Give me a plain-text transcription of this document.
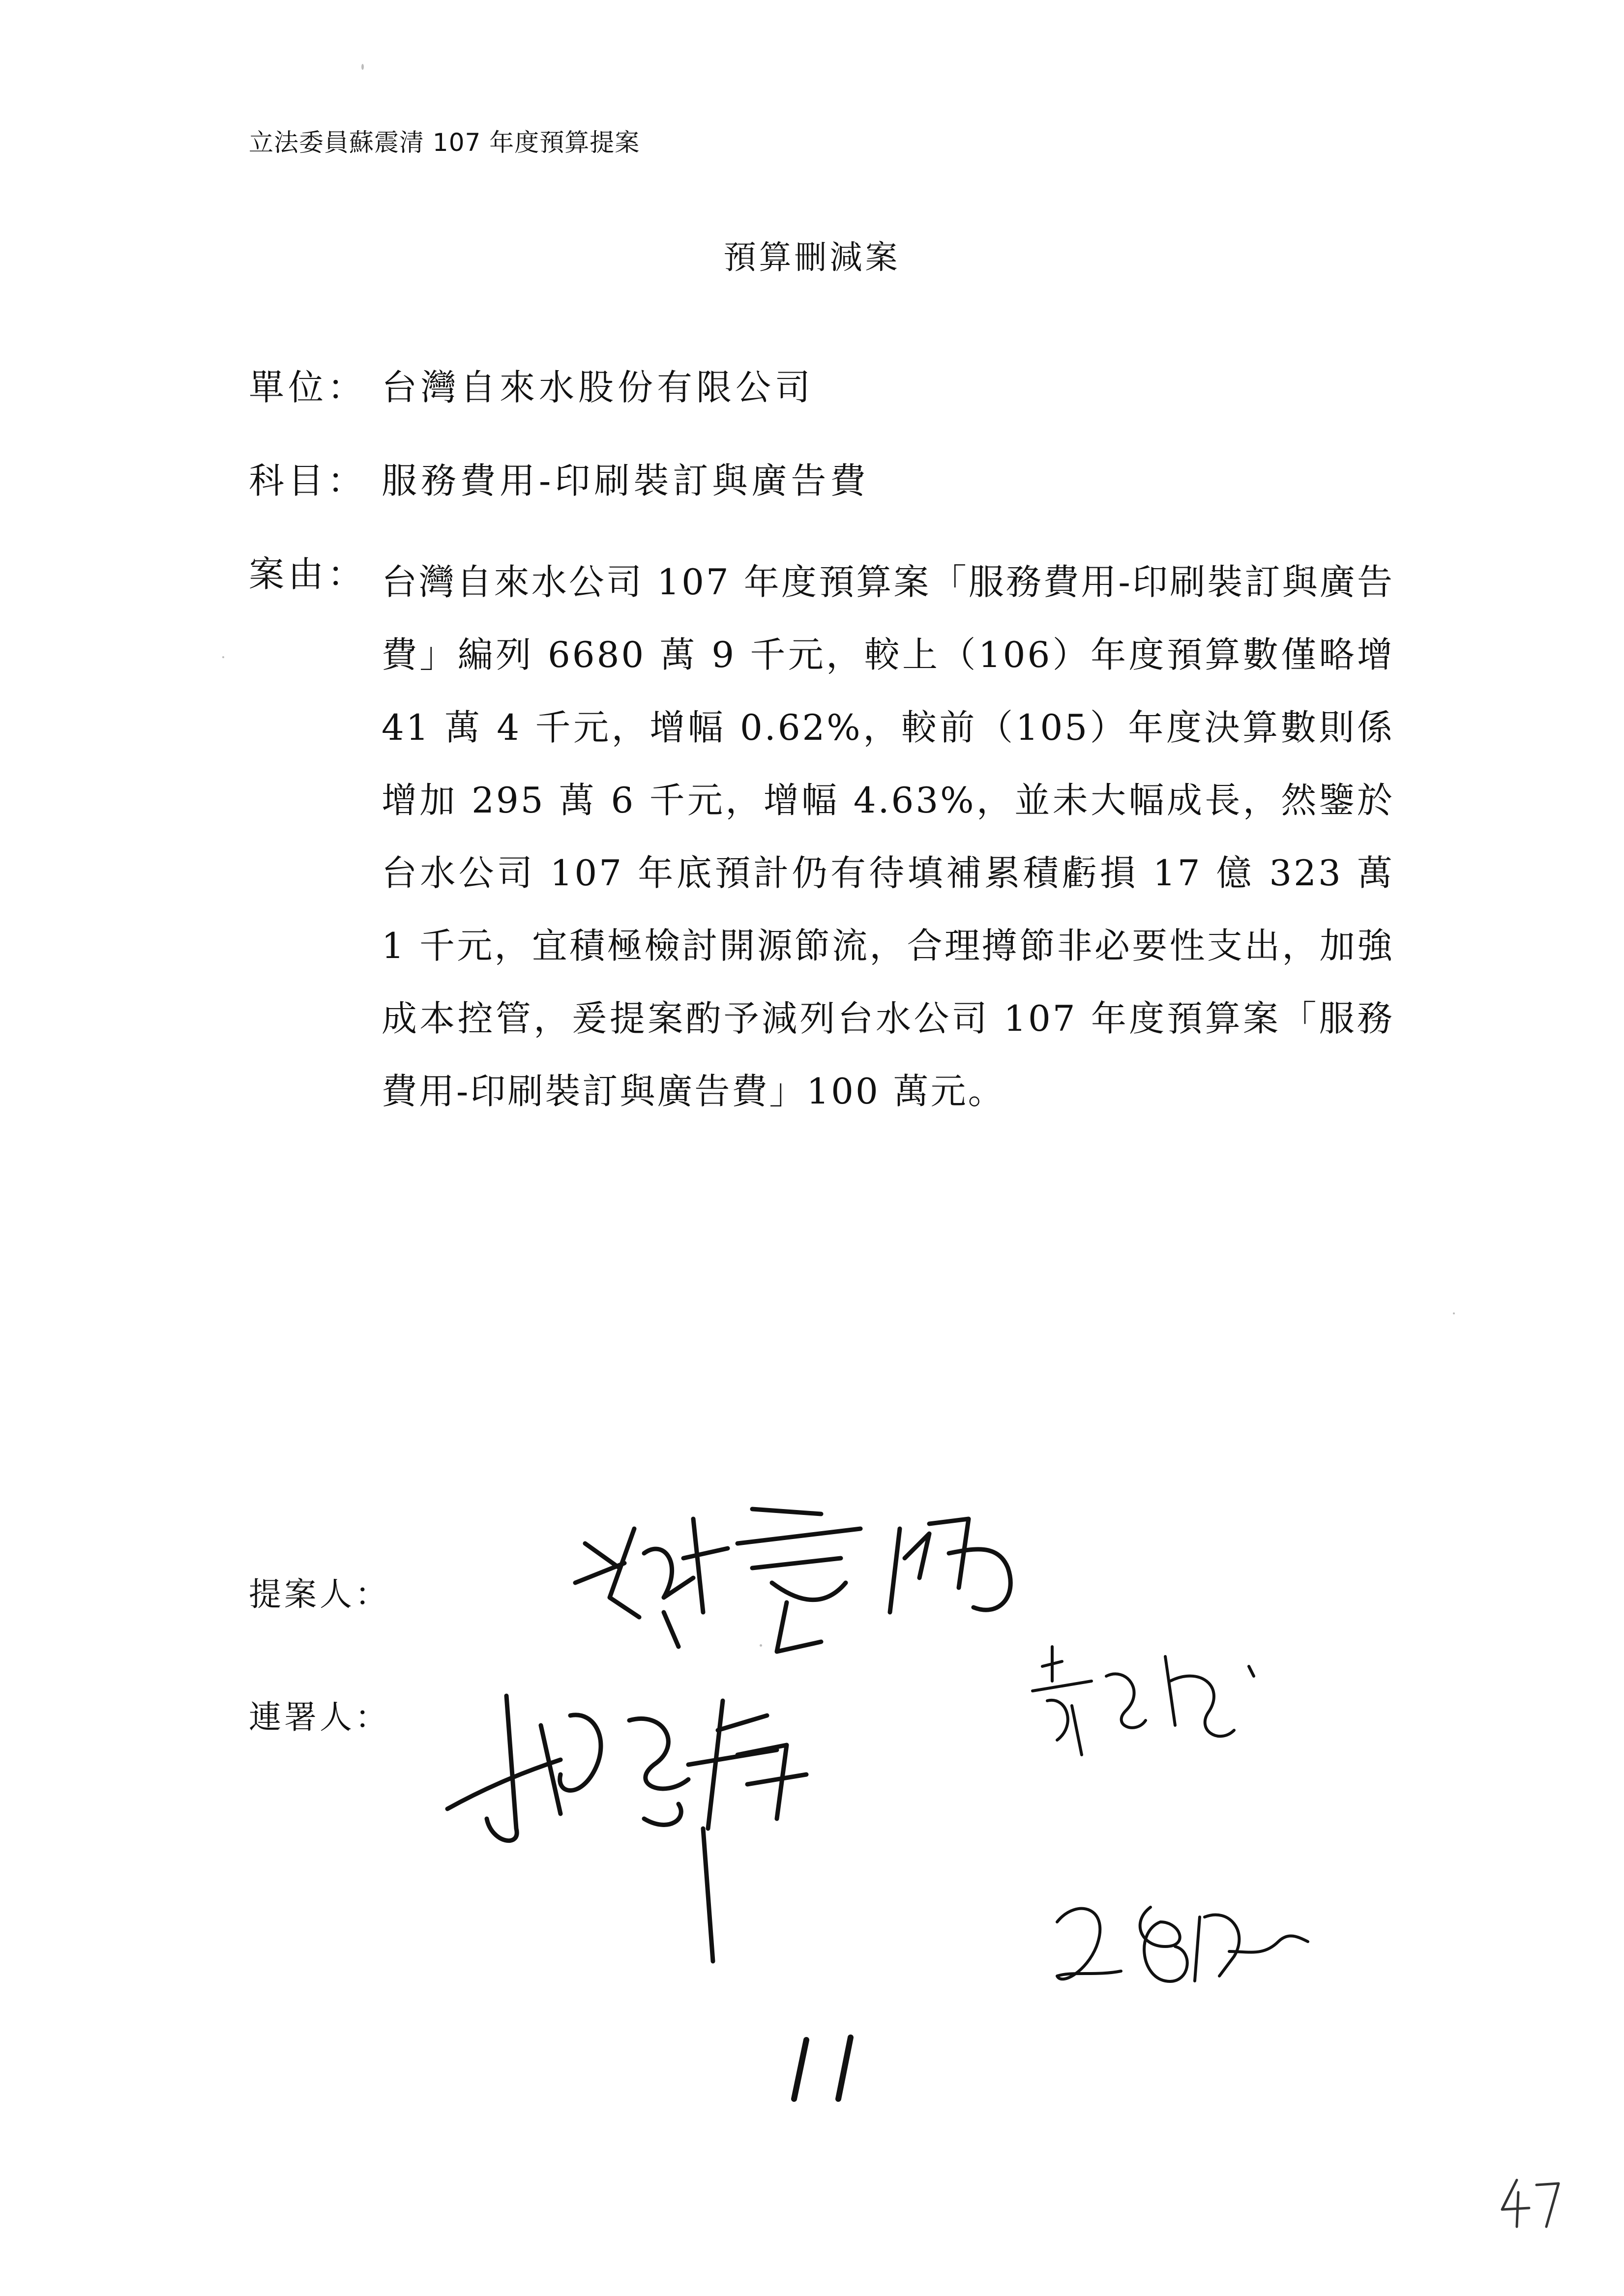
立法委員蘇震清 107 年度預算提案
預算刪減案
單位： 台灣自來水股份有限公司
科目： 服務費用-印刷裝訂與廣告費
案由： 台灣自來水公司 107 年度預算案「服務費用-印刷裝訂與廣告費」編列 6680 萬 9 千元，較上（106）年度預算數僅略增 41 萬 4 千元，增幅 0.62%，較前（105）年度決算數則係增加 295 萬 6 千元，增幅 4.63%，並未大幅成長，然鑒於台水公司 107 年底預計仍有待填補累積虧損 17 億 323 萬 1 千元，宜積極檢討開源節流，合理撙節非必要性支出，加強成本控管，爰提案酌予減列台水公司 107 年度預算案「服務費用-印刷裝訂與廣告費」100 萬元。
提案人：
連署人：
